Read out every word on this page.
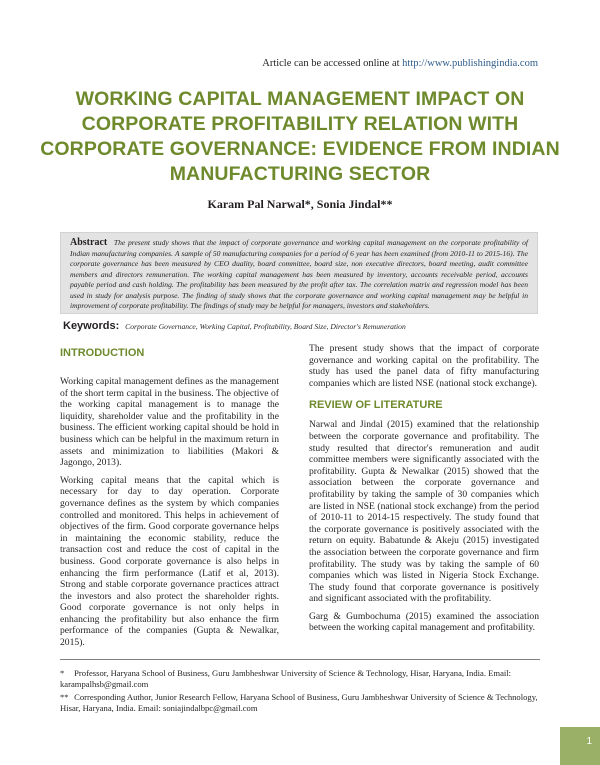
Article can be accessed online at http://www.publishingindia.com
WORKING CAPITAL MANAGEMENT IMPACT ON CORPORATE PROFITABILITY RELATION WITH CORPORATE GOVERNANCE: EVIDENCE FROM INDIAN MANUFACTURING SECTOR
Karam Pal Narwal*, Sonia Jindal**
Abstract The present study shows that the impact of corporate governance and working capital management on the corporate profitability of Indian manufacturing companies. A sample of 50 manufacturing companies for a period of 6 year has been examined (from 2010-11 to 2015-16). The corporate governance has been measured by CEO duality, board committee, board size, non executive directors, board meeting, audit committee members and directors remuneration. The working capital management has been measured by inventory, accounts receivable period, accounts payable period and cash holding. The profitability has been measured by the profit after tax. The correlation matrix and regression model has been used in study for analysis purpose. The finding of study shows that the corporate governance and working capital management may be helpful in improvement of corporate profitability. The findings of study may be helpful for managers, investors and stakeholders.
Keywords: Corporate Governance, Working Capital, Profitability, Board Size, Director's Remuneration
INTRODUCTION

Working capital management defines as the management of the short term capital in the business. The objective of the working capital management is to manage the liquidity, shareholder value and the profitability in the business. The efficient working capital should be hold in business which can be helpful in the maximum return in assets and minimization to liabilities (Makori & Jagongo, 2013).

Working capital means that the capital which is necessary for day to day operation. Corporate governance defines as the system by which companies controlled and monitored. This helps in achievement of objectives of the firm. Good corporate governance helps in maintaining the economic stability, reduce the transaction cost and reduce the cost of capital in the business. Good corporate governance is also helps in enhancing the firm performance (Latif et al, 2013). Strong and stable corporate governance practices attract the investors and also protect the shareholder rights. Good corporate governance is not only helps in enhancing the profitability but also enhance the firm performance of the companies (Gupta & Newalkar, 2015).

The present study shows that the impact of corporate governance and working capital on the profitability. The study has used the panel data of fifty manufacturing companies which are listed NSE (national stock exchange).

REVIEW OF LITERATURE

Narwal and Jindal (2015) examined that the relationship between the corporate governance and profitability. The study resulted that director's remuneration and audit committee members were significantly associated with the profitability. Gupta & Newalkar (2015) showed that the association between the corporate governance and profitability by taking the sample of 30 companies which are listed in NSE (national stock exchange) from the period of 2010-11 to 2014-15 respectively. The study found that the corporate governance is positively associated with the return on equity. Babatunde & Akeju (2015) investigated the association between the corporate governance and firm profitability. The study was by taking the sample of 60 companies which was listed in Nigeria Stock Exchange. The study found that corporate governance is positively and significant associated with the profitability.

Garg & Gumbochuma (2015) examined the association between the working capital management and profitability.

* Professor, Haryana School of Business, Guru Jambheshwar University of Science & Technology, Hisar, Haryana, India. Email: karampalhsb@gmail.com
** Corresponding Author, Junior Research Fellow, Haryana School of Business, Guru Jambheshwar University of Science & Technology, Hisar, Haryana, India. Email: soniajindalbpc@gmail.com
1
